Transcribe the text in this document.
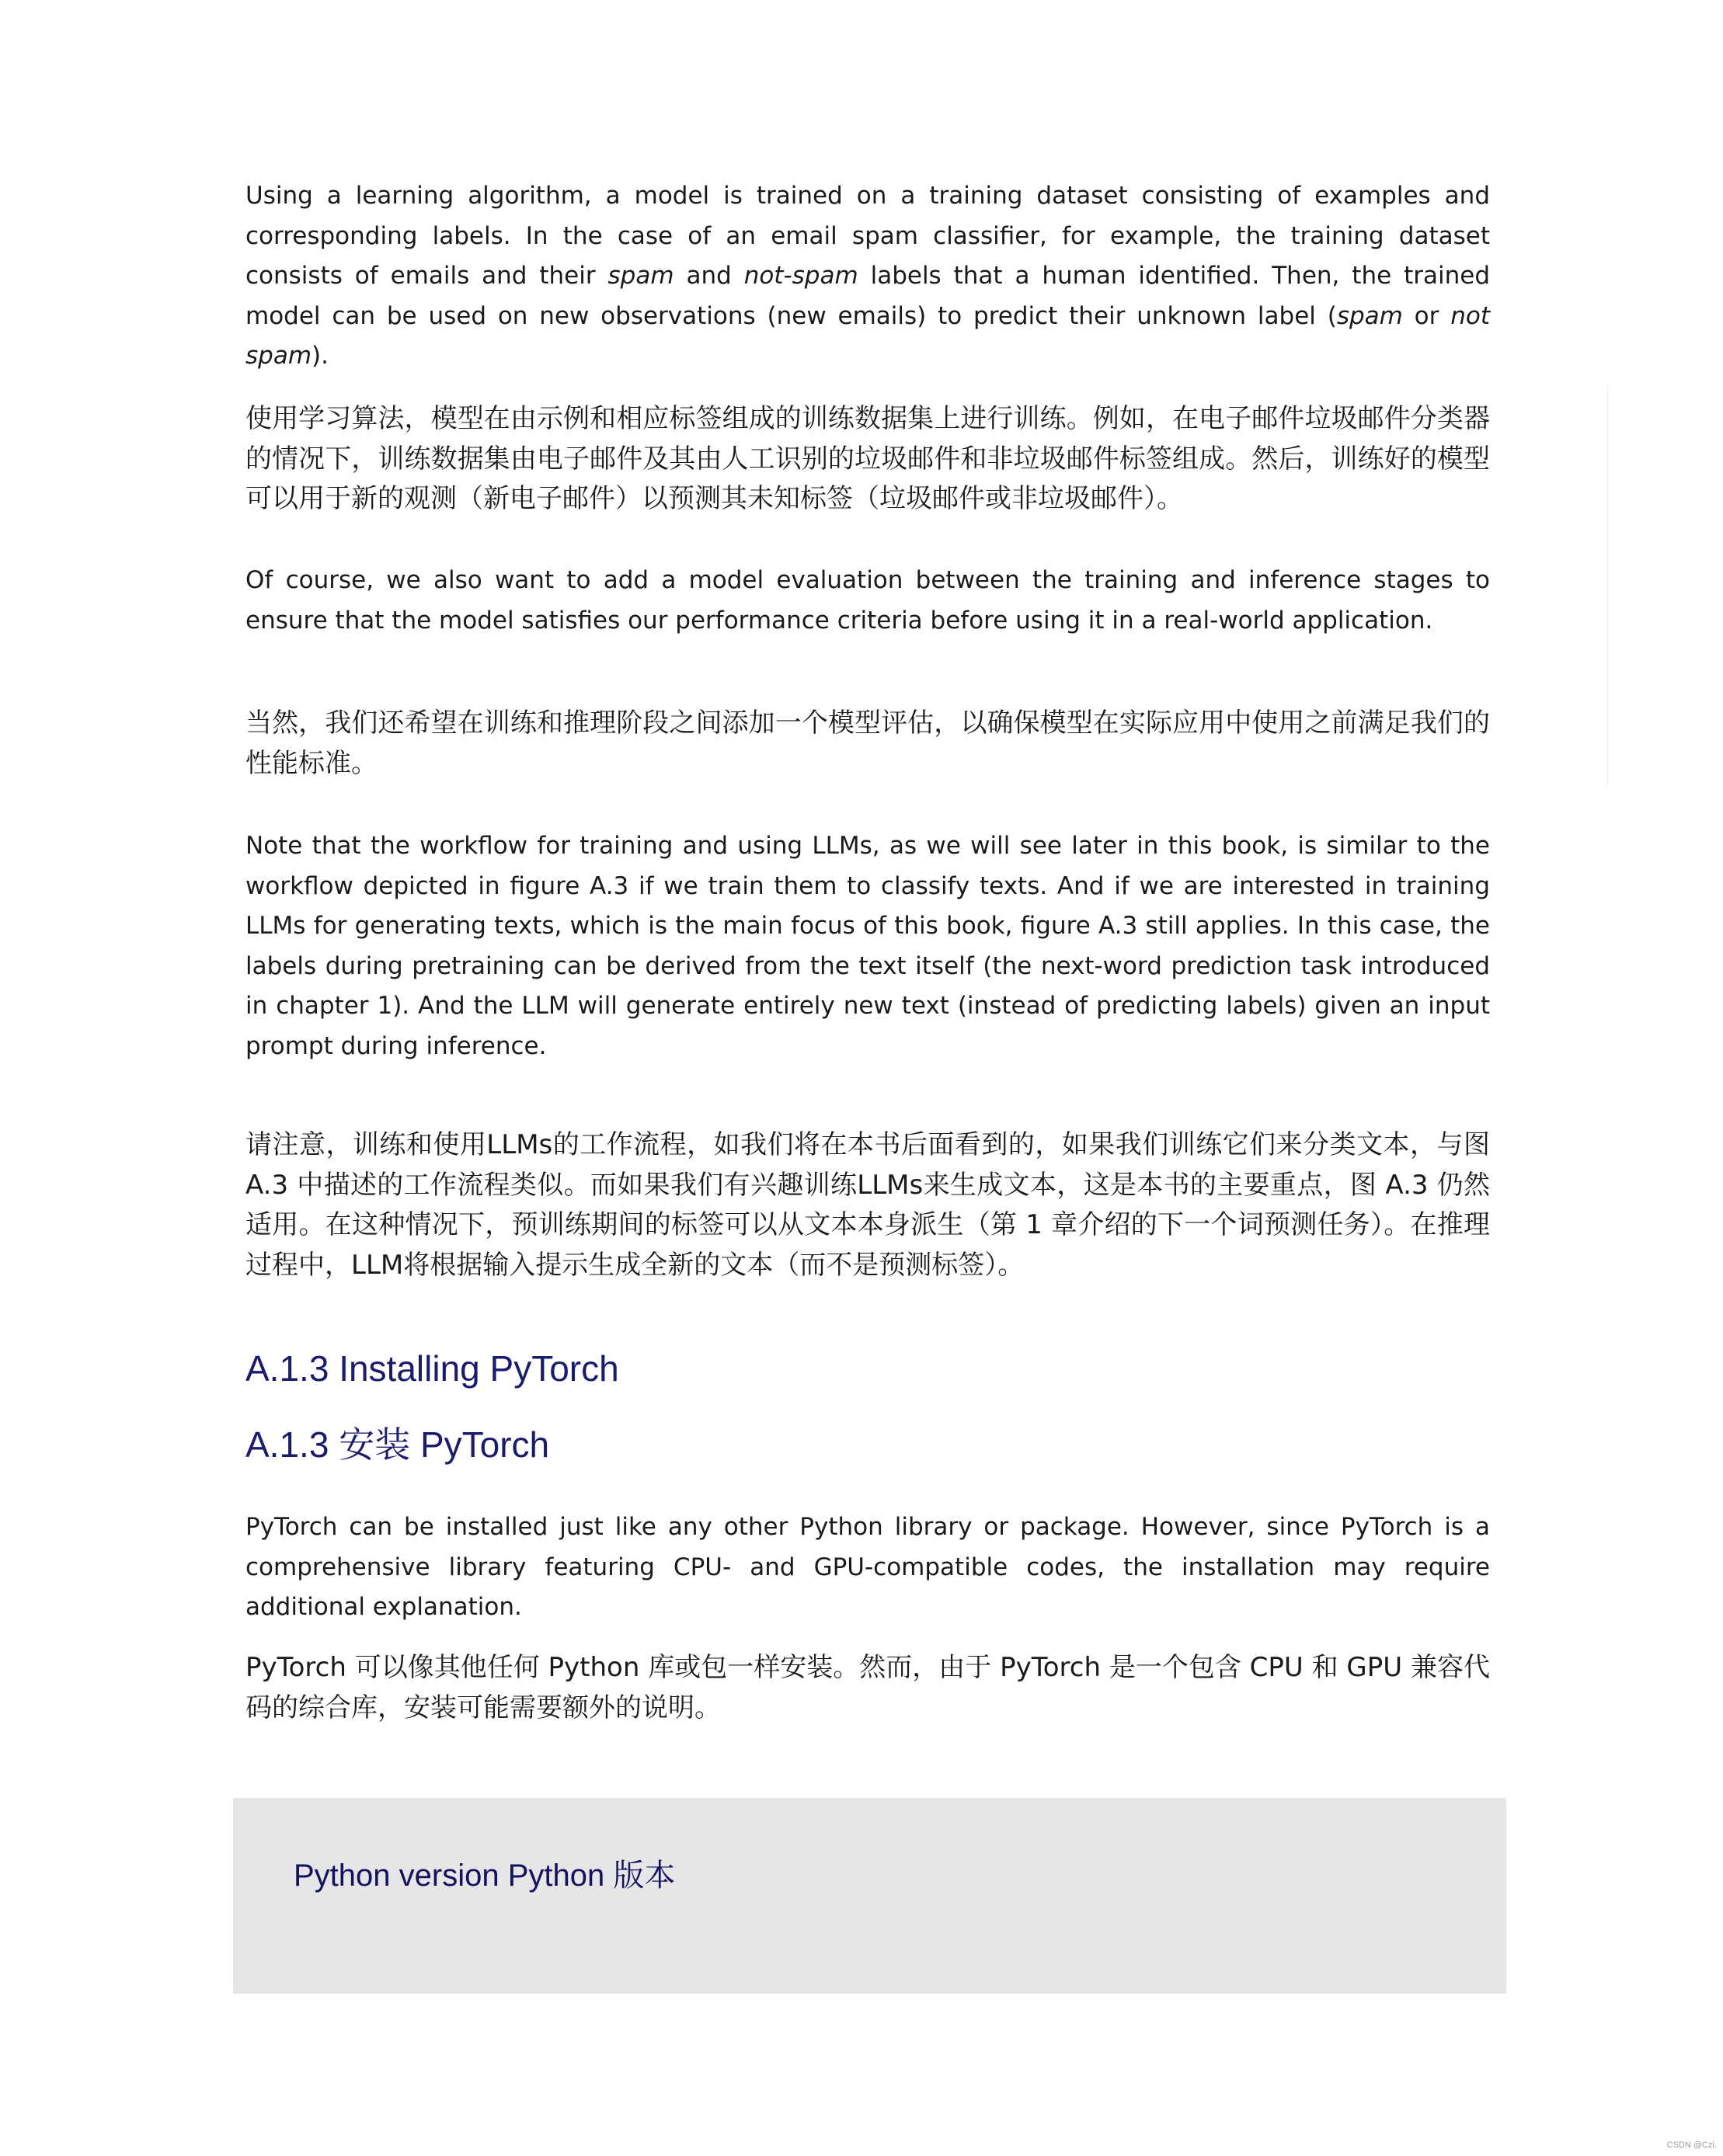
Using a learning algorithm, a model is trained on a training dataset consisting of examples and corresponding labels. In the case of an email spam classifier, for example, the training dataset consists of emails and their spam and not-spam labels that a human identified. Then, the trained model can be used on new observations (new emails) to predict their unknown label (spam or not spam).

使用学习算法，模型在由示例和相应标签组成的训练数据集上进行训练。例如，在电子邮件垃圾邮件分类器的情况下，训练数据集由电子邮件及其由人工识别的垃圾邮件和非垃圾邮件标签组成。然后，训练好的模型可以用于新的观测（新电子邮件）以预测其未知标签（垃圾邮件或非垃圾邮件）。

Of course, we also want to add a model evaluation between the training and inference stages to ensure that the model satisfies our performance criteria before using it in a real-world application.

当然，我们还希望在训练和推理阶段之间添加一个模型评估，以确保模型在实际应用中使用之前满足我们的性能标准。

Note that the workflow for training and using LLMs, as we will see later in this book, is similar to the workflow depicted in figure A.3 if we train them to classify texts. And if we are interested in training LLMs for generating texts, which is the main focus of this book, figure A.3 still applies. In this case, the labels during pretraining can be derived from the text itself (the next-word prediction task introduced in chapter 1). And the LLM will generate entirely new text (instead of predicting labels) given an input prompt during inference.

请注意，训练和使用LLMs的工作流程，如我们将在本书后面看到的，如果我们训练它们来分类文本，与图 A.3 中描述的工作流程类似。而如果我们有兴趣训练LLMs来生成文本，这是本书的主要重点，图 A.3 仍然适用。在这种情况下，预训练期间的标签可以从文本本身派生（第 1 章介绍的下一个词预测任务）。在推理过程中，LLM将根据输入提示生成全新的文本（而不是预测标签）。

A.1.3 Installing PyTorch
A.1.3 安装 PyTorch

PyTorch can be installed just like any other Python library or package. However, since PyTorch is a comprehensive library featuring CPU- and GPU-compatible codes, the installation may require additional explanation.

PyTorch 可以像其他任何 Python 库或包一样安装。然而，由于 PyTorch 是一个包含 CPU 和 GPU 兼容代码的综合库，安装可能需要额外的说明。

Python version Python 版本
CSDN @Czi.
